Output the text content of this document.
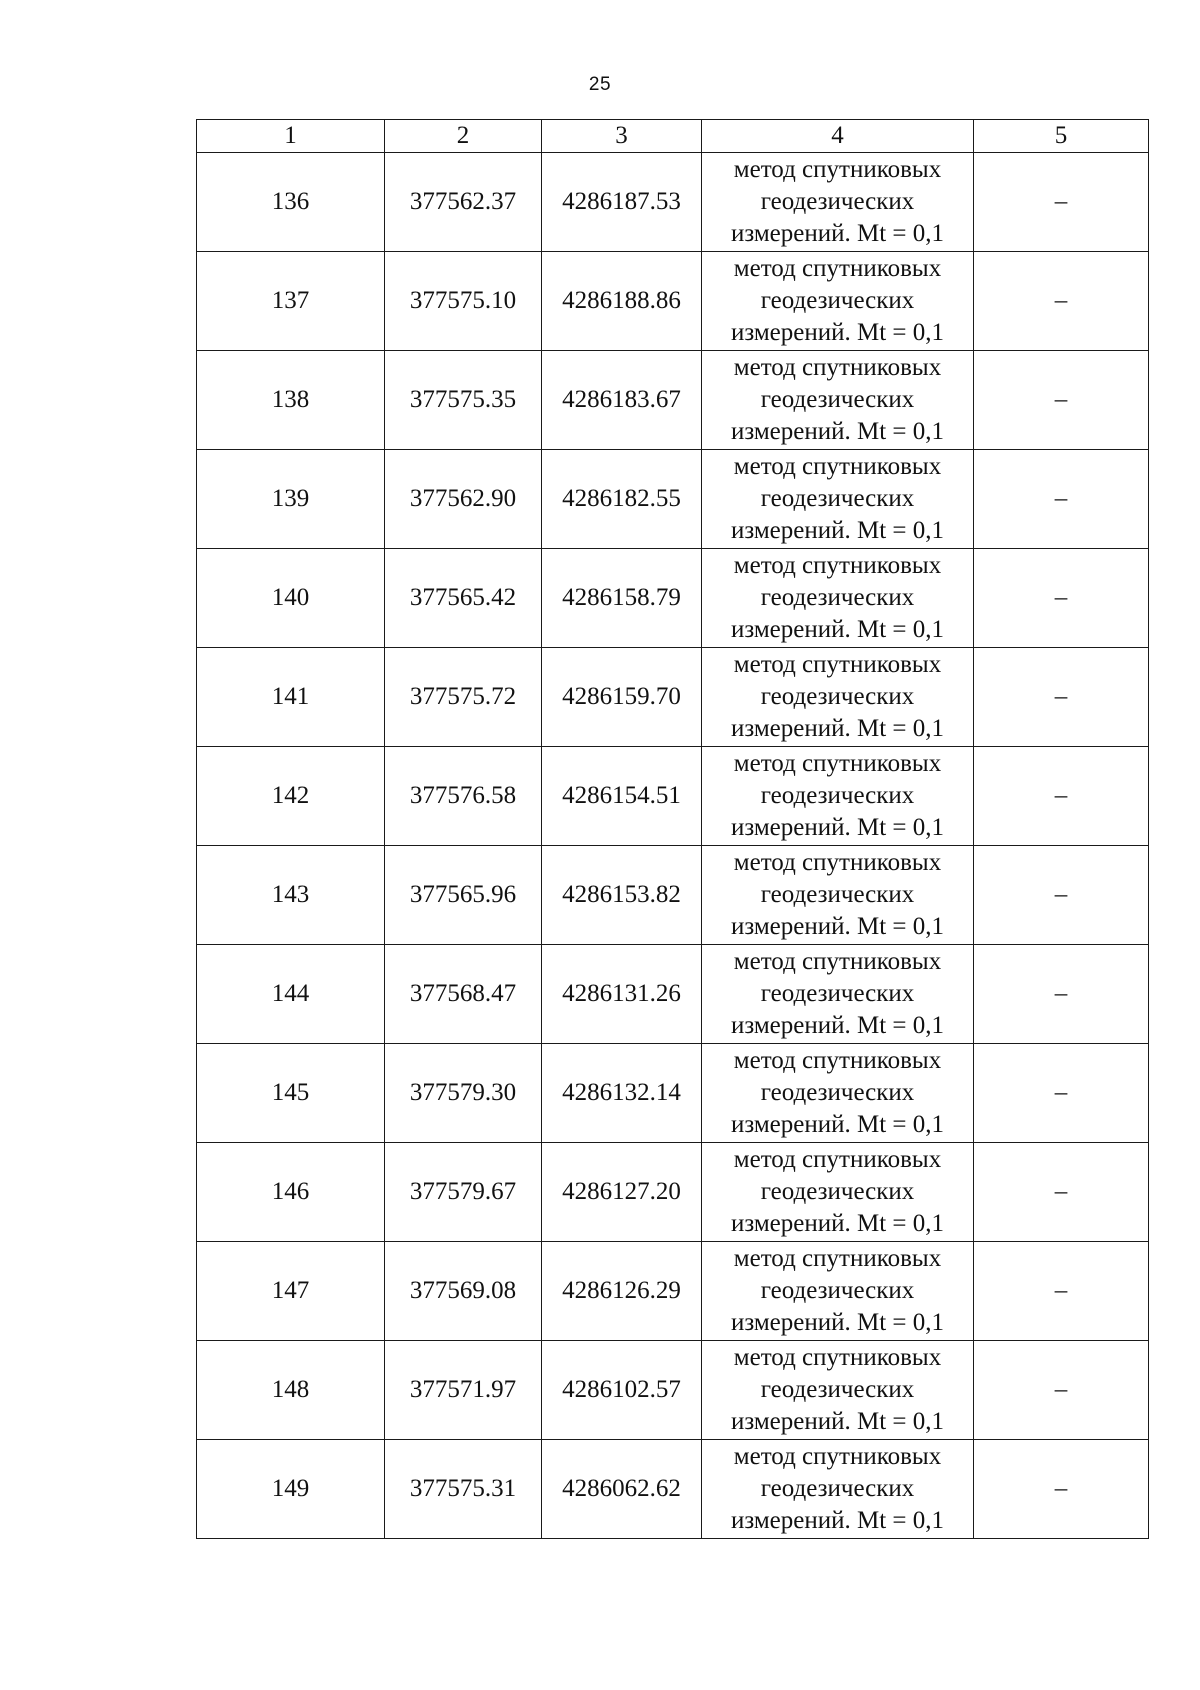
25
1	2	3	4	5
136	377562.37	4286187.53	метод спутниковых
геодезических
измерений. Mt = 0,1	–
137	377575.10	4286188.86	метод спутниковых
геодезических
измерений. Mt = 0,1	–
138	377575.35	4286183.67	метод спутниковых
геодезических
измерений. Mt = 0,1	–
139	377562.90	4286182.55	метод спутниковых
геодезических
измерений. Mt = 0,1	–
140	377565.42	4286158.79	метод спутниковых
геодезических
измерений. Mt = 0,1	–
141	377575.72	4286159.70	метод спутниковых
геодезических
измерений. Mt = 0,1	–
142	377576.58	4286154.51	метод спутниковых
геодезических
измерений. Mt = 0,1	–
143	377565.96	4286153.82	метод спутниковых
геодезических
измерений. Mt = 0,1	–
144	377568.47	4286131.26	метод спутниковых
геодезических
измерений. Mt = 0,1	–
145	377579.30	4286132.14	метод спутниковых
геодезических
измерений. Mt = 0,1	–
146	377579.67	4286127.20	метод спутниковых
геодезических
измерений. Mt = 0,1	–
147	377569.08	4286126.29	метод спутниковых
геодезических
измерений. Mt = 0,1	–
148	377571.97	4286102.57	метод спутниковых
геодезических
измерений. Mt = 0,1	–
149	377575.31	4286062.62	метод спутниковых
геодезических
измерений. Mt = 0,1	–
